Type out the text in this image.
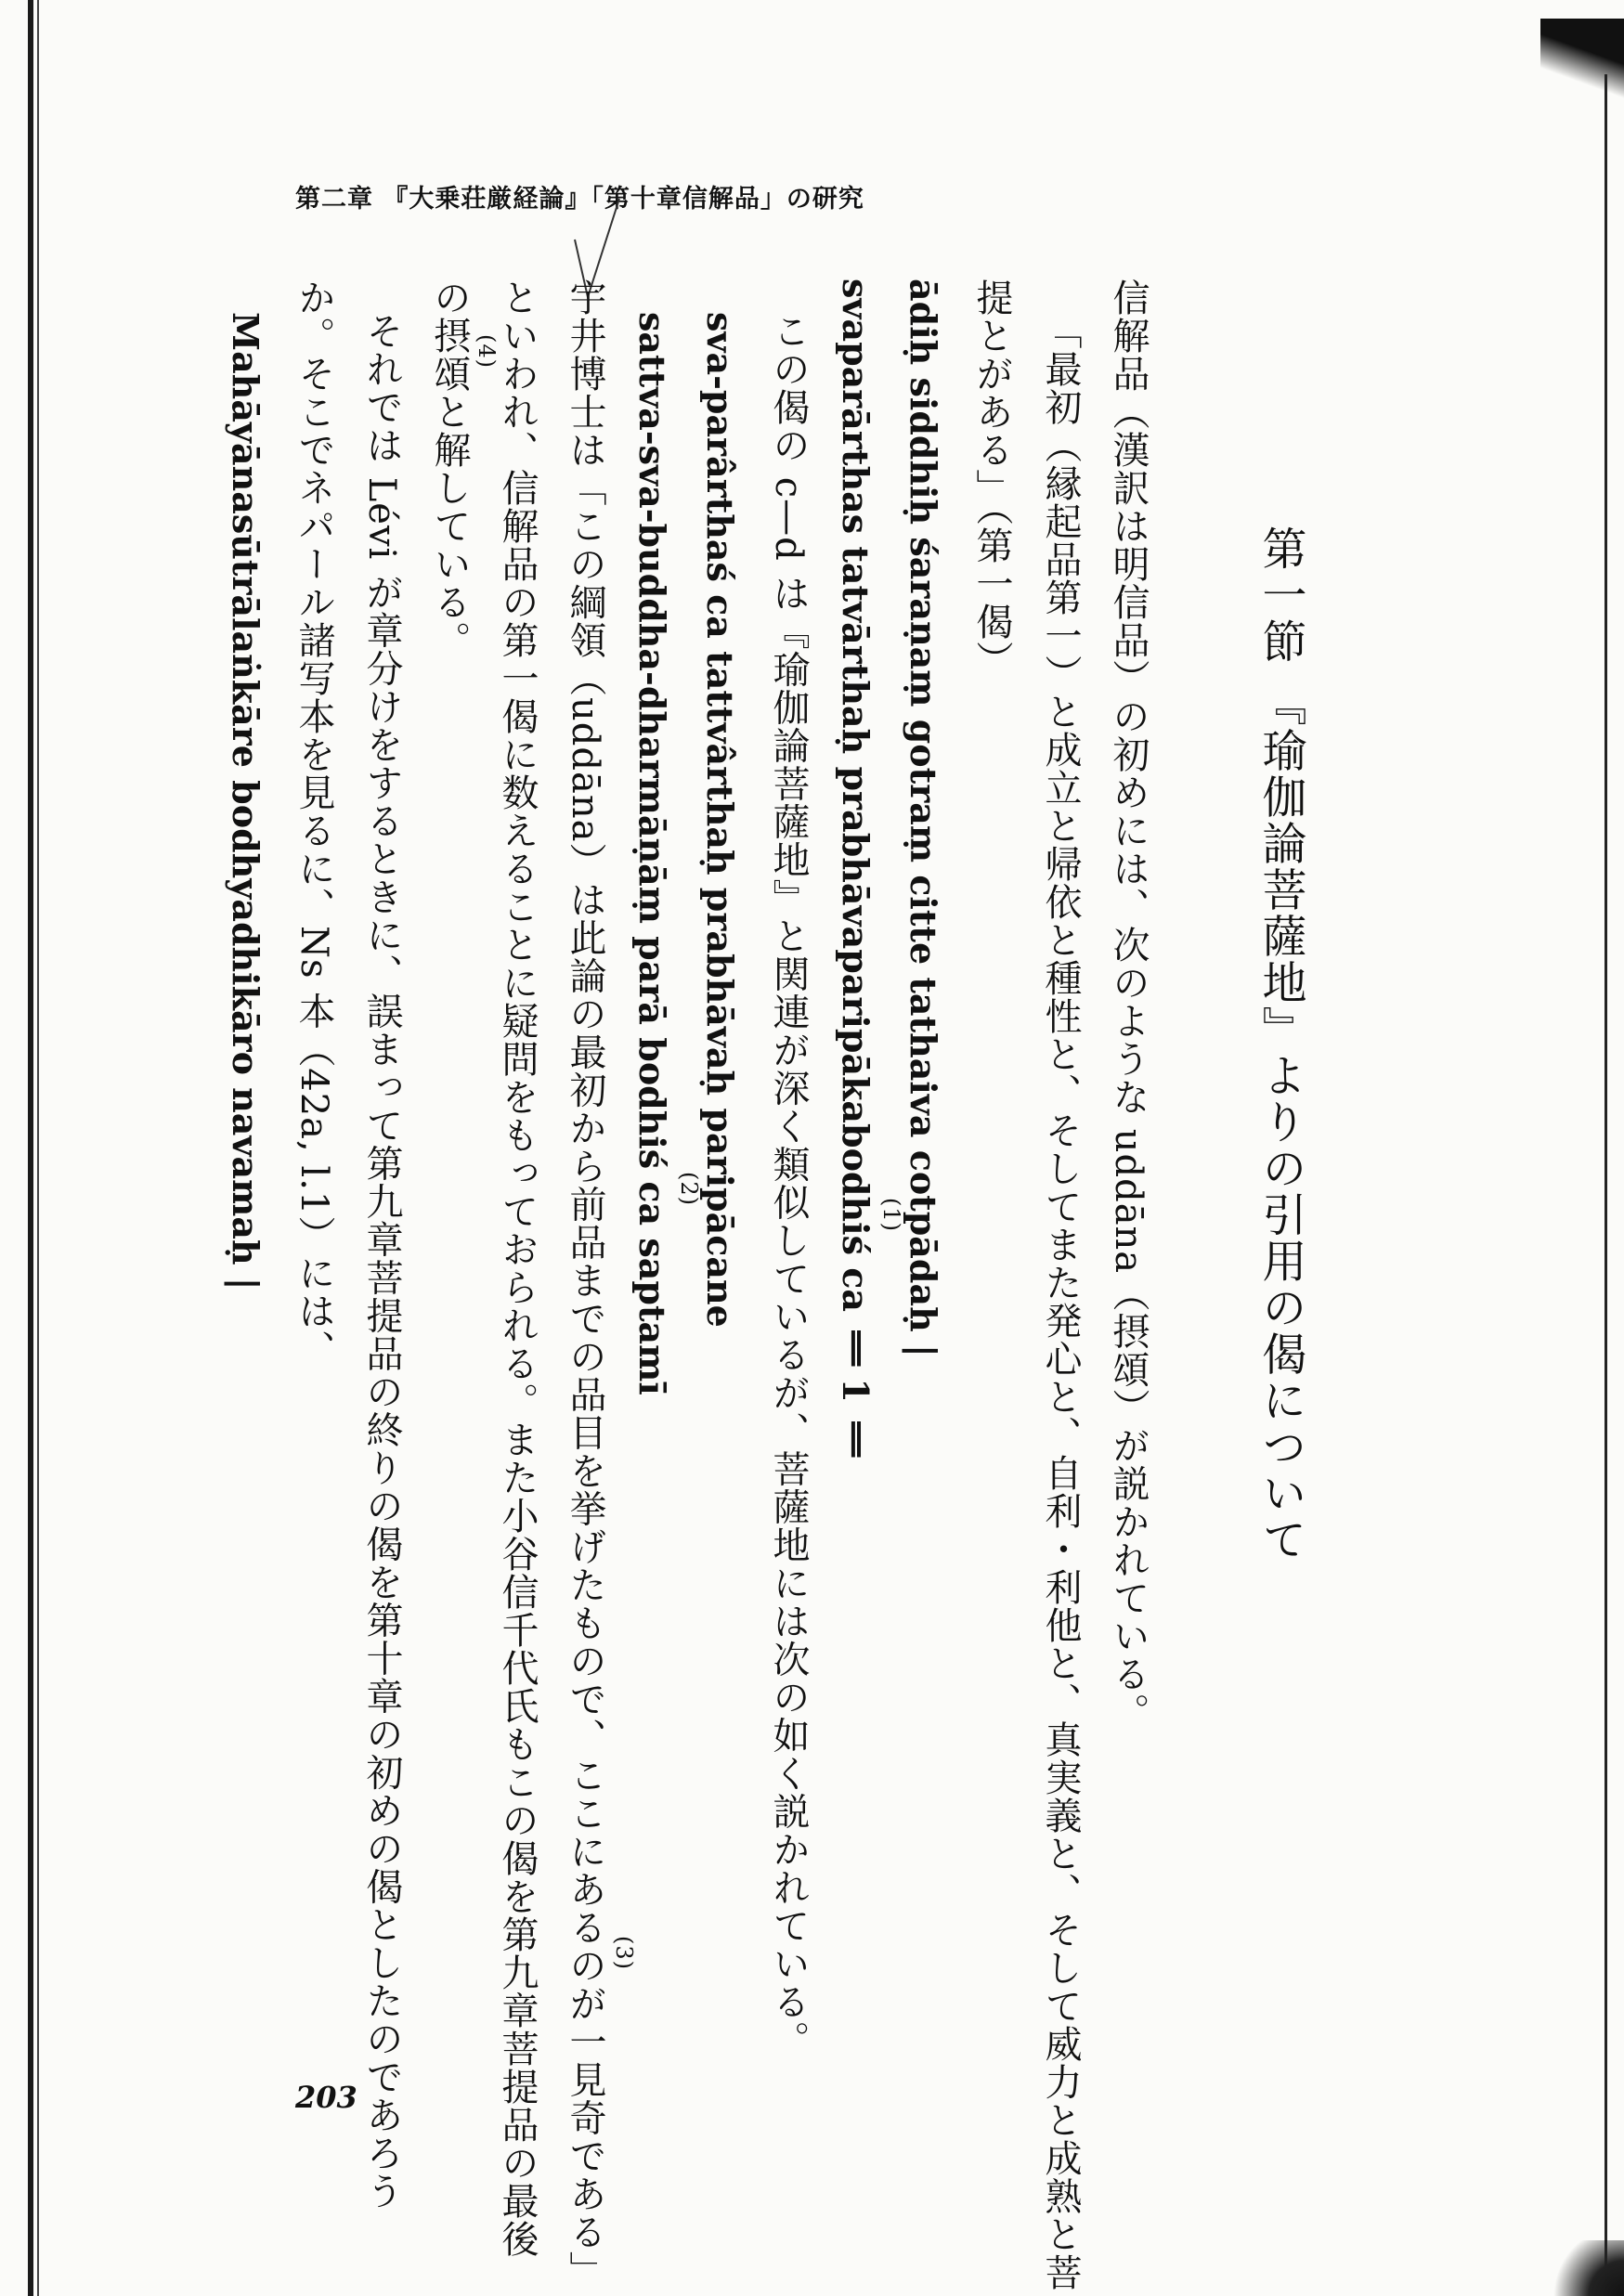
第二章 『大乗荘厳経論』「第十章信解品」の研究
第一節 『瑜伽論菩薩地』よりの引用の偈について
信解品（漢訳は明信品）の初めには、次のような uddāna（摂頌）が説かれている。
「最初（縁起品第一）と成立と帰依と種性と、そしてまた発心と、自利・利他と、真実義と、そして威力と成熟と菩
提とがある」（第一偈）
ādiḥ siddhiḥ śaraṇaṃ gotraṃ citte tathaiva cotpādaḥ |
svaparārthas tatvārthaḥ prabhāvaparipākabodhiś ca ‖ 1 ‖
この偈の c—d は『瑜伽論菩薩地』と関連が深く類似しているが、菩薩地には次の如く説かれている。
sva-parârthaś ca tattvârthaḥ prabhāvaḥ paripācane
sattva-sva-buddha-dharmāṇāṃ parā bodhiś ca saptamī
宇井博士は「この綱領（uddāna）は此論の最初から前品までの品目を挙げたもので、ここにあるのが一見奇である」
といわれ、信解品の第一偈に数えることに疑問をもっておられる。また小谷信千代氏もこの偈を第九章菩提品の最後
の摂頌と解している。
それでは Lévi が章分けをするときに、誤まって第九章菩提品の終りの偈を第十章の初めの偈としたのであろう
か。そこでネパール諸写本を見るに、Ns 本（42a, l.1）には、
Mahāyānasūtrālaṅkāre bodhyadhikāro navamaḥ |	(1)
(2)
(3)
(4)
203
